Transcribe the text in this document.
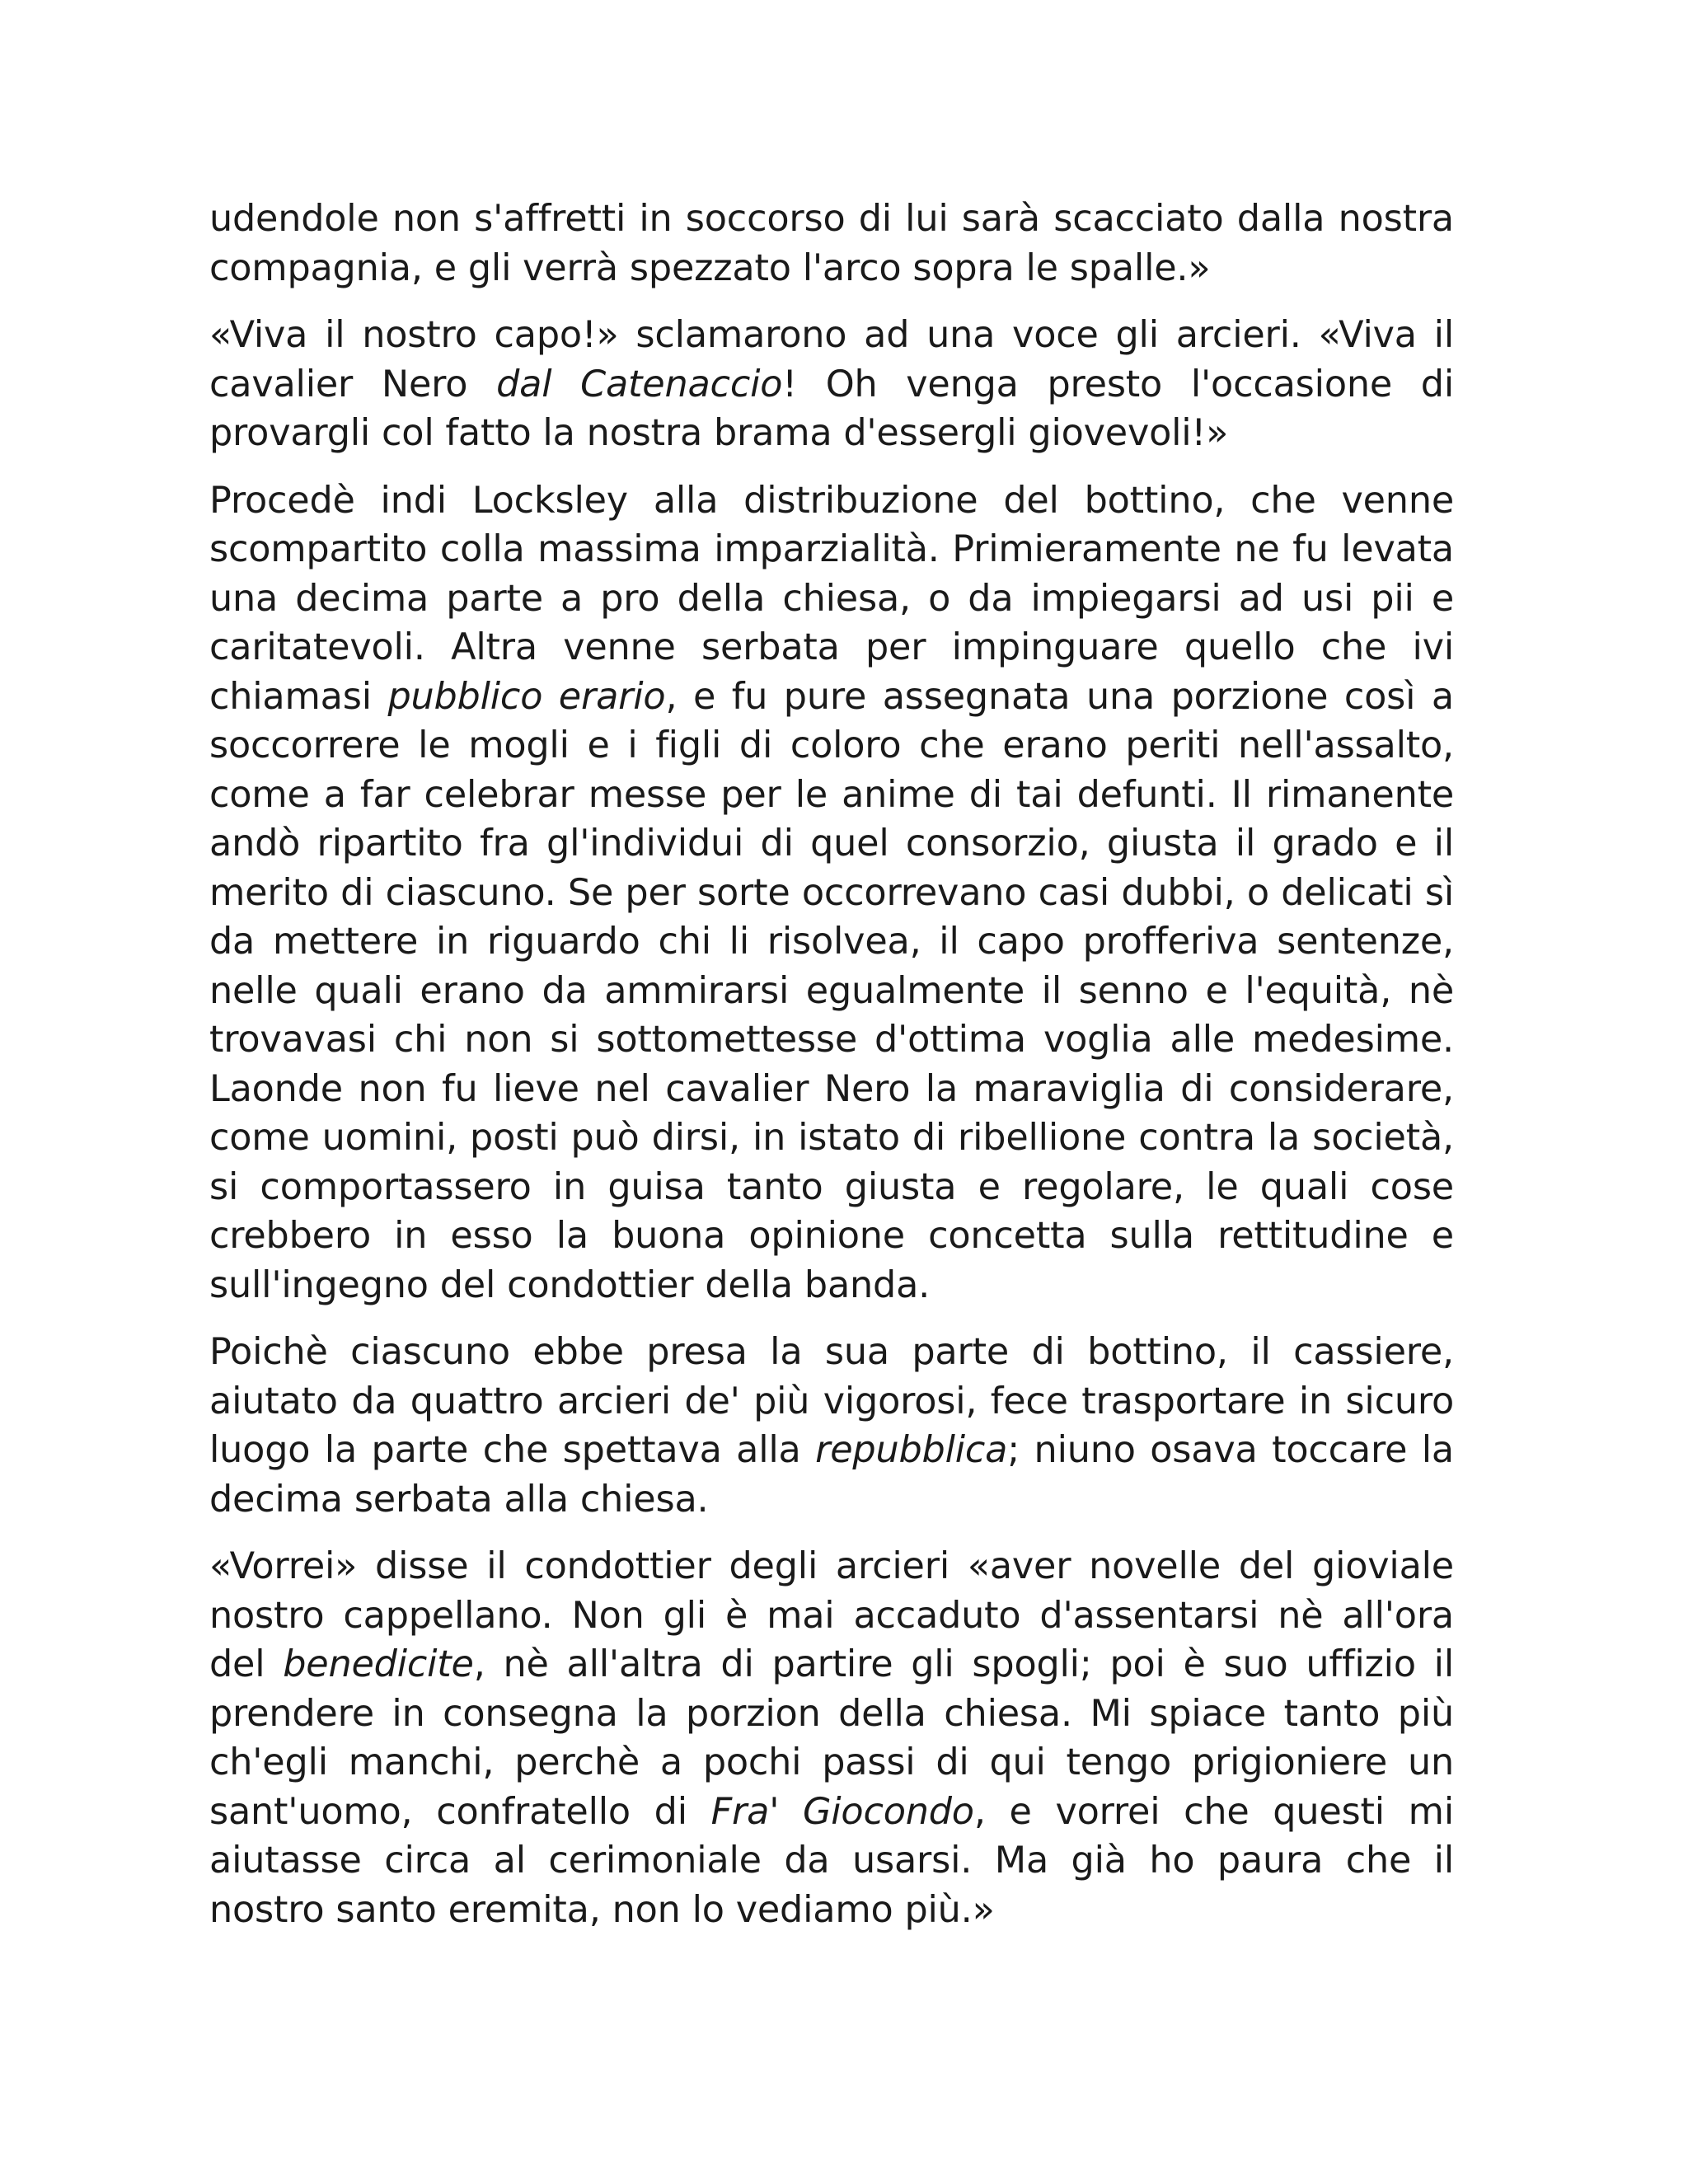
udendole non s'affretti in soccorso di lui sarà scacciato dalla nostra compagnia, e gli verrà spezzato l'arco sopra le spalle.»

«Viva il nostro capo!» sclamarono ad una voce gli arcieri. «Viva il cavalier Nero dal Catenaccio! Oh venga presto l'occasione di provargli col fatto la nostra brama d'essergli giovevoli!»

Procedè indi Locksley alla distribuzione del bottino, che venne scompartito colla massima imparzialità. Primieramente ne fu levata una decima parte a pro della chiesa, o da impiegarsi ad usi pii e caritatevoli. Altra venne serbata per impinguare quello che ivi chiamasi pubblico erario, e fu pure assegnata una porzione così a soccorrere le mogli e i figli di coloro che erano periti nell'assalto, come a far celebrar messe per le anime di tai defunti. Il rimanente andò ripartito fra gl'individui di quel consorzio, giusta il grado e il merito di ciascuno. Se per sorte occorrevano casi dubbi, o delicati sì da mettere in riguardo chi li risolvea, il capo profferiva sentenze, nelle quali erano da ammirarsi egualmente il senno e l'equità, nè trovavasi chi non si sottomettesse d'ottima voglia alle medesime. Laonde non fu lieve nel cavalier Nero la maraviglia di considerare, come uomini, posti può dirsi, in istato di ribellione contra la società, si comportassero in guisa tanto giusta e regolare, le quali cose crebbero in esso la buona opinione concetta sulla rettitudine e sull'ingegno del condottier della banda.

Poichè ciascuno ebbe presa la sua parte di bottino, il cassiere, aiutato da quattro arcieri de' più vigorosi, fece trasportare in sicuro luogo la parte che spettava alla repubblica; niuno osava toccare la decima serbata alla chiesa.

«Vorrei» disse il condottier degli arcieri «aver novelle del gioviale nostro cappellano. Non gli è mai accaduto d'assentarsi nè all'ora del benedicite, nè all'altra di partire gli spogli; poi è suo uffizio il prendere in consegna la porzion della chiesa. Mi spiace tanto più ch'egli manchi, perchè a pochi passi di qui tengo prigioniere un sant'uomo, confratello di Fra' Giocondo, e vorrei che questi mi aiutasse circa al cerimoniale da usarsi. Ma già ho paura che il nostro santo eremita, non lo vediamo più.»
